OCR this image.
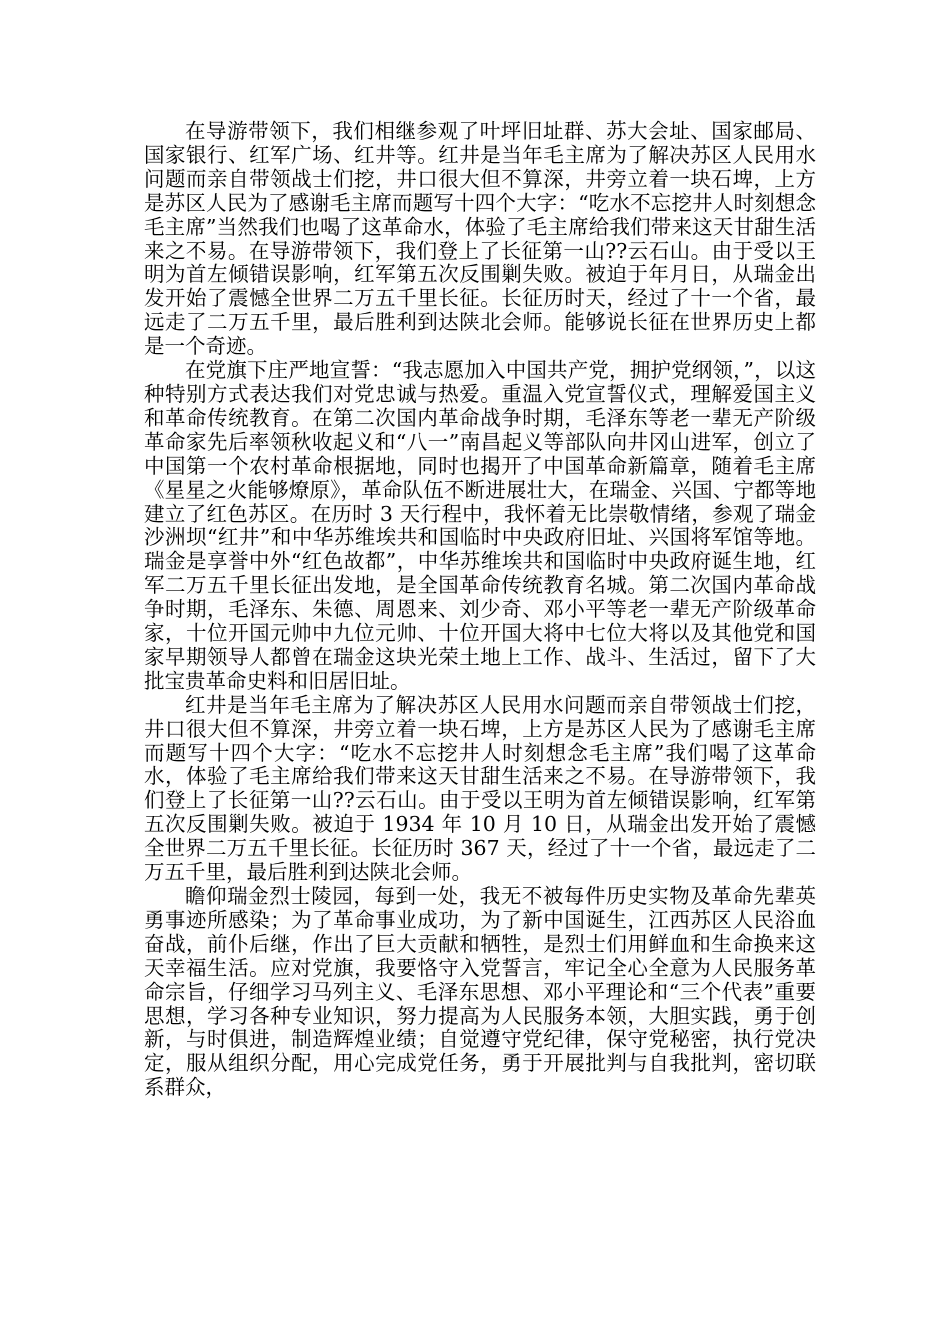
在导游带领下，我们相继参观了叶坪旧址群、苏大会址、国家邮局、国家银行、红军广场、红井等。红井是当年毛主席为了解决苏区人民用水问题而亲自带领战士们挖，井口很大但不算深，井旁立着一块石埤，上方是苏区人民为了感谢毛主席而题写十四个大字：“吃水不忘挖井人时刻想念毛主席”当然我们也喝了这革命水，体验了毛主席给我们带来这天甘甜生活来之不易。在导游带领下，我们登上了长征第一山??云石山。由于受以王明为首左倾错误影响，红军第五次反围剿失败。被迫于年月日，从瑞金出发开始了震憾全世界二万五千里长征。长征历时天，经过了十一个省，最远走了二万五千里，最后胜利到达陕北会师。能够说长征在世界历史上都是一个奇迹。

在党旗下庄严地宣誓：“我志愿加入中国共产党，拥护党纲领，”，以这种特别方式表达我们对党忠诚与热爱。重温入党宣誓仪式，理解爱国主义和革命传统教育。在第二次国内革命战争时期，毛泽东等老一辈无产阶级革命家先后率领秋收起义和“八一”南昌起义等部队向井冈山进军，创立了中国第一个农村革命根据地，同时也揭开了中国革命新篇章，随着毛主席《星星之火能够燎原》，革命队伍不断进展壮大，在瑞金、兴国、宁都等地建立了红色苏区。在历时 3 天行程中，我怀着无比崇敬情绪，参观了瑞金沙洲坝“红井”和中华苏维埃共和国临时中央政府旧址、兴国将军馆等地。瑞金是享誉中外“红色故都”，中华苏维埃共和国临时中央政府诞生地，红军二万五千里长征出发地，是全国革命传统教育名城。第二次国内革命战争时期，毛泽东、朱德、周恩来、刘少奇、邓小平等老一辈无产阶级革命家，十位开国元帅中九位元帅、十位开国大将中七位大将以及其他党和国家早期领导人都曾在瑞金这块光荣土地上工作、战斗、生活过，留下了大批宝贵革命史料和旧居旧址。

红井是当年毛主席为了解决苏区人民用水问题而亲自带领战士们挖，井口很大但不算深，井旁立着一块石埤，上方是苏区人民为了感谢毛主席而题写十四个大字：“吃水不忘挖井人时刻想念毛主席”我们喝了这革命水，体验了毛主席给我们带来这天甘甜生活来之不易。在导游带领下，我们登上了长征第一山??云石山。由于受以王明为首左倾错误影响，红军第五次反围剿失败。被迫于 1934 年 10 月 10 日，从瑞金出发开始了震憾全世界二万五千里长征。长征历时 367 天，经过了十一个省，最远走了二万五千里，最后胜利到达陕北会师。

瞻仰瑞金烈士陵园，每到一处，我无不被每件历史实物及革命先辈英勇事迹所感染；为了革命事业成功，为了新中国诞生，江西苏区人民浴血奋战，前仆后继，作出了巨大贡献和牺牲，是烈士们用鲜血和生命换来这天幸福生活。应对党旗，我要恪守入党誓言，牢记全心全意为人民服务革命宗旨，仔细学习马列主义、毛泽东思想、邓小平理论和“三个代表”重要思想，学习各种专业知识，努力提高为人民服务本领，大胆实践，勇于创新，与时俱进，制造辉煌业绩；自觉遵守党纪律，保守党秘密，执行党决定，服从组织分配，用心完成党任务，勇于开展批判与自我批判，密切联系群众，
